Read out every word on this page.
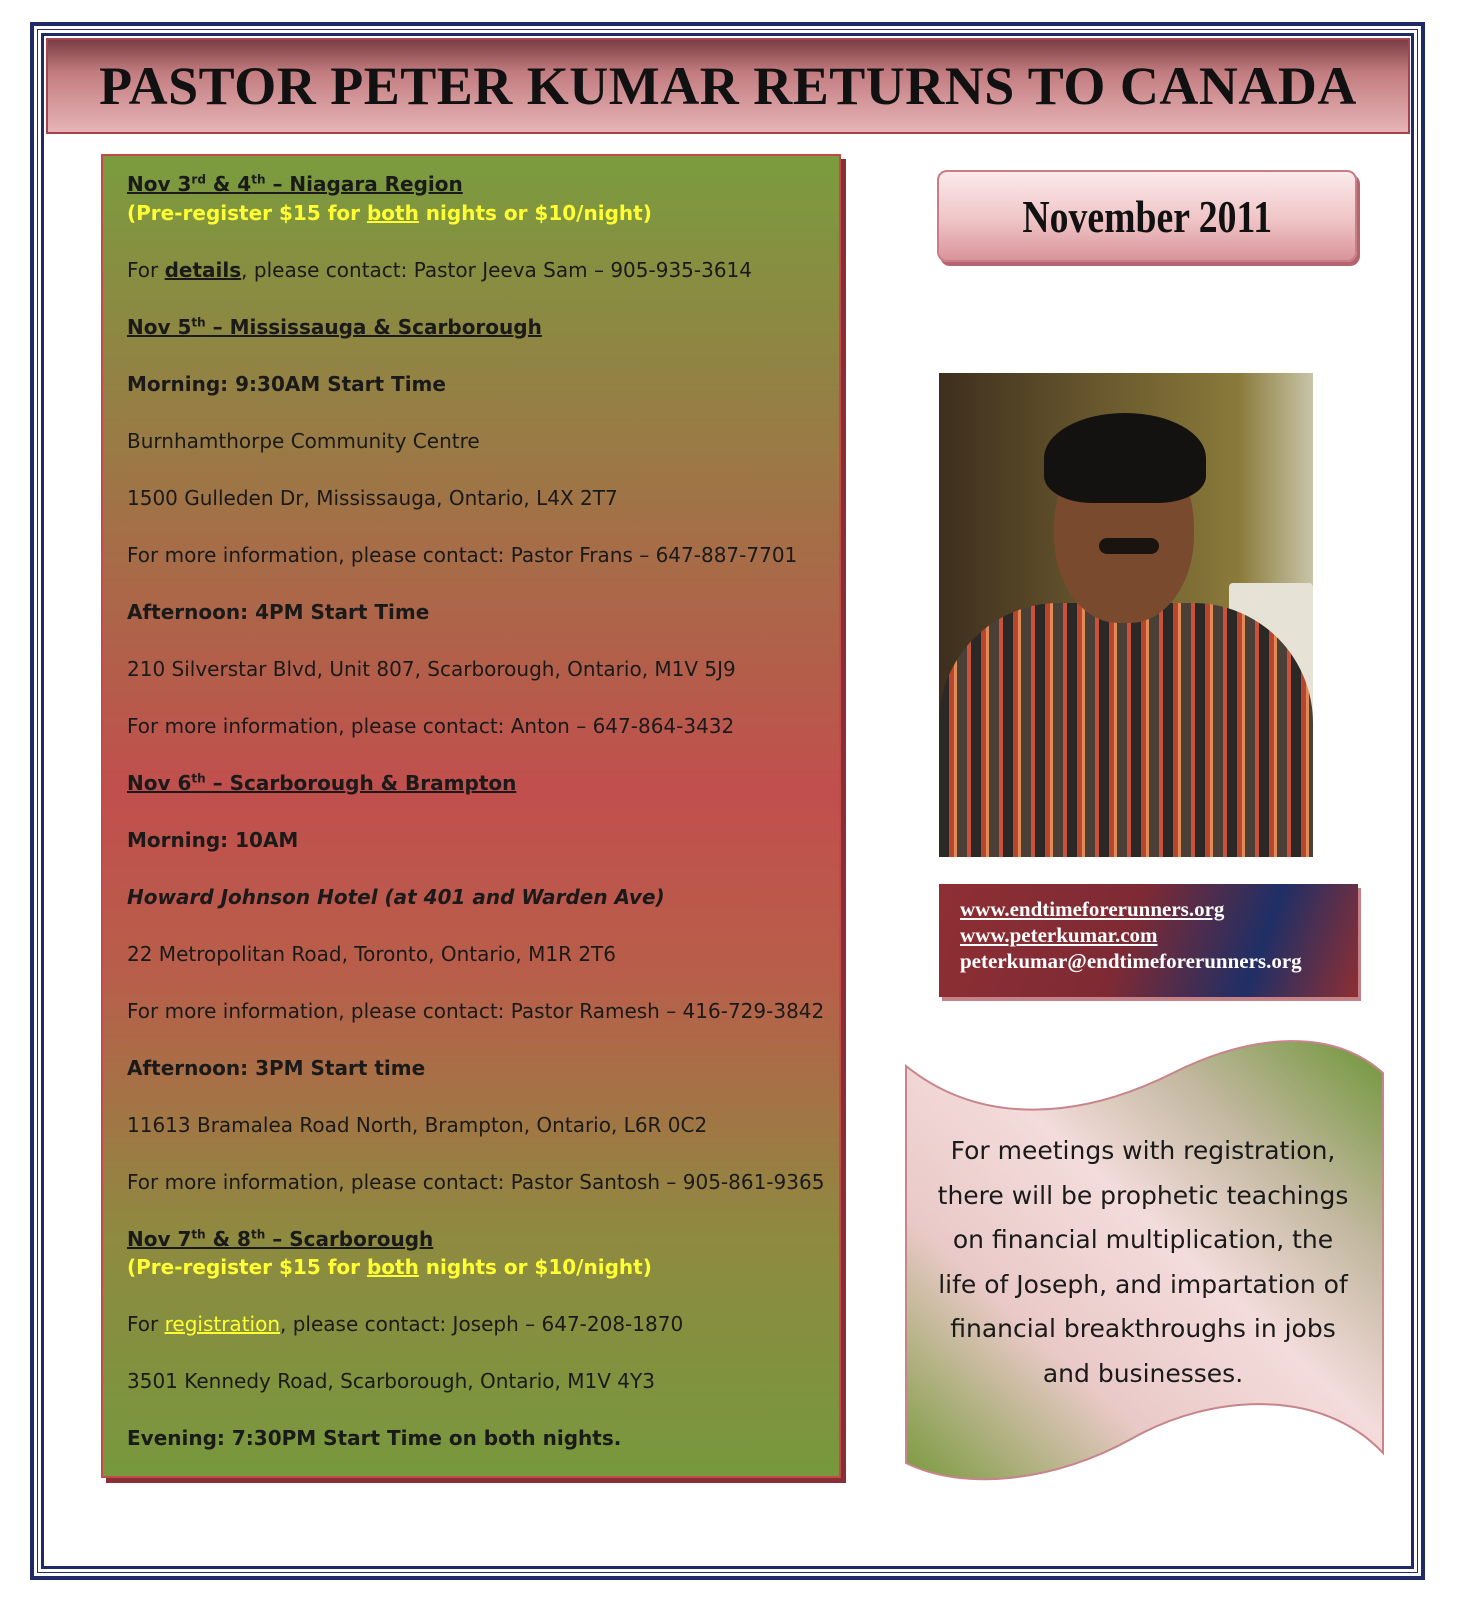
PASTOR PETER KUMAR RETURNS TO CANADA
Nov 3rd & 4th – Niagara Region
(Pre-register $15 for both nights or $10/night)
For details, please contact: Pastor Jeeva Sam – 905-935-3614
Nov 5th – Mississauga & Scarborough
Morning: 9:30AM Start Time
Burnhamthorpe Community Centre
1500 Gulleden Dr, Mississauga, Ontario, L4X 2T7
For more information, please contact: Pastor Frans – 647-887-7701
Afternoon: 4PM Start Time
210 Silverstar Blvd, Unit 807, Scarborough, Ontario, M1V 5J9
For more information, please contact: Anton – 647-864-3432
Nov 6th – Scarborough & Brampton
Morning: 10AM
Howard Johnson Hotel (at 401 and Warden Ave)
22 Metropolitan Road, Toronto, Ontario, M1R 2T6
For more information, please contact: Pastor Ramesh – 416-729-3842
Afternoon: 3PM Start time
11613 Bramalea Road North, Brampton, Ontario, L6R 0C2
For more information, please contact: Pastor Santosh – 905-861-9365
Nov 7th & 8th – Scarborough
(Pre-register $15 for both nights or $10/night)
For registration, please contact: Joseph – 647-208-1870
3501 Kennedy Road, Scarborough, Ontario, M1V 4Y3
Evening: 7:30PM Start Time on both nights.
November 2011
www.endtimeforerunners.org
www.peterkumar.com
peterkumar@endtimeforerunners.org
For meetings with registration,
there will be prophetic teachings
on financial multiplication, the
life of Joseph, and impartation of
financial breakthroughs in jobs
and businesses.
